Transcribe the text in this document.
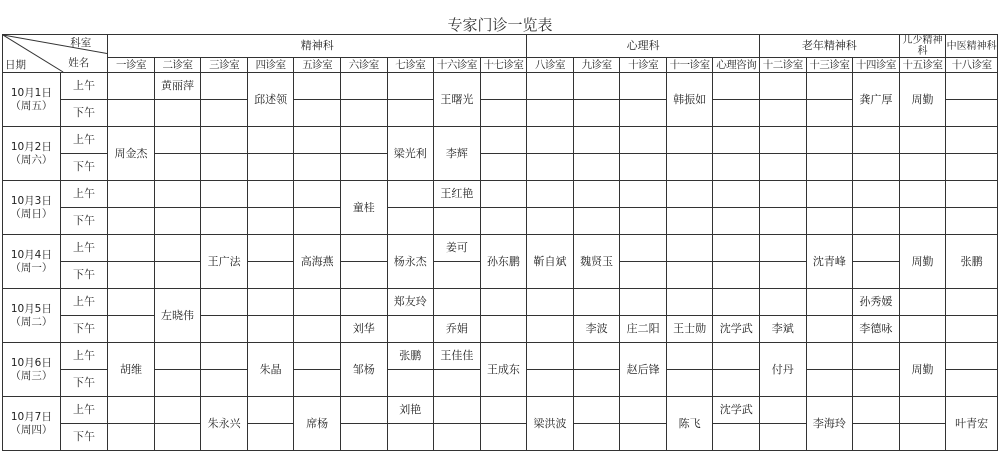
专家门诊一览表
科室
姓名
日期		精神科									心理科					老年精神科			儿少精神科	中医精神科

		一诊室	二诊室	三诊室	四诊室	五诊室	六诊室	七诊室	十六诊室	十七诊室	八诊室	九诊室	十诊室	十一诊室	心理咨询	十二诊室	十三诊室	十四诊室	十五诊室	十八诊室
10月1日
（周五）	上午		黄丽萍		邱述领				王曙光					韩振如				龚广厚	周勤	
	下午																			
10月2日
（周六）	上午	周金杰						梁光利	李辉											
	下午																			
10月3日
（周日）	上午						童桂		王红艳											
	下午																			
10月4日
（周一）	上午			王广法		高海燕		杨永杰	姜可	孙东鹏	靳自斌	魏贤玉					沈青峰		周勤	张鹏
	下午																			
10月5日
（周二）	上午		左晓伟					郑友玲										孙秀媛		
	下午						刘华		乔娟			李波	庄二阳	王士勋	沈学武	李斌		李德咏		
10月6日
（周三）	上午	胡维			朱晶		邹杨	张鹏	王佳佳	王成东			赵后锋			付丹			周勤	
	下午																			
10月7日
（周四）	上午			朱永兴		席杨		刘艳			梁洪波			陈飞	沈学武		李海玲			叶青宏
	下午																			
